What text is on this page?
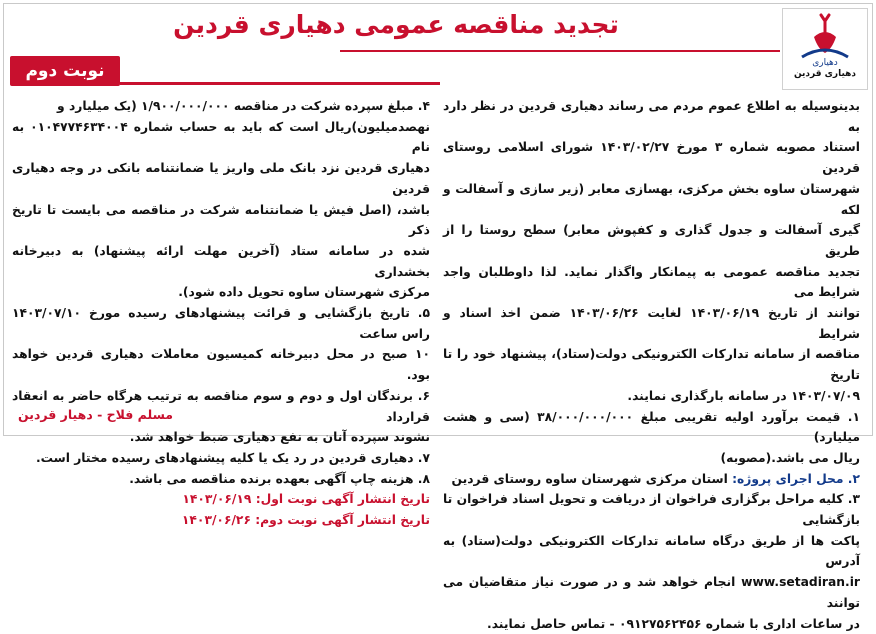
دهیاری
دهیاری قردین
تجدید مناقصه عمومی دهیاری قردین
نوبت دوم

بدینوسیله به اطلاع عموم مردم می رساند دهیاری قردین در نظر دارد به

استناد مصوبه شماره ۳ مورخ ۱۴۰۳/۰۲/۲۷ شورای اسلامی روستای قردین

شهرستان ساوه بخش مرکزی، بهسازی معابر (زیر سازی و آسفالت و لکه

گیری آسفالت و جدول گذاری و کفپوش معابر) سطح روستا را از طریق

تجدید مناقصه عمومی به پیمانکار واگذار نماید. لذا داوطلبان واجد شرایط می

توانند از تاریخ ۱۴۰۳/۰۶/۱۹ لغایت ۱۴۰۳/۰۶/۲۶ ضمن اخذ اسناد و شرایط

مناقصه از سامانه تدارکات الکترونیکی دولت(ستاد)، پیشنهاد خود را تا تاریخ

۱۴۰۳/۰۷/۰۹ در سامانه بارگذاری نمایند.

۱. قیمت برآورد اولیه تقریبی مبلغ ۳۸/۰۰۰/۰۰۰/۰۰۰ (سی و هشت میلیارد)

ریال می باشد.(مصوبه)

۲. محل اجرای پروژه: استان مرکزی شهرستان ساوه روستای قردین

۳. کلیه مراحل برگزاری فراخوان از دریافت و تحویل اسناد فراخوان تا بازگشایی

پاکت ها از طریق درگاه سامانه تدارکات الکترونیکی دولت(ستاد) به آدرس

www.setadiran.ir انجام خواهد شد و در صورت نیاز متقاضیان می توانند

در ساعات اداری با شماره ۰۹۱۲۷۵۶۲۴۵۶ - تماس حاصل نمایند.

۴. مبلغ سپرده شرکت در مناقصه ۱/۹۰۰/۰۰۰/۰۰۰ (یک میلیارد و

نهصدمیلیون)ریال است که باید به حساب شماره ۰۱۰۴۷۷۴۶۳۴۰۰۴ به نام

دهیاری قردین نزد بانک ملی واریز یا ضمانتنامه بانکی در وجه دهیاری قردین

باشد، (اصل فیش یا ضمانتنامه شرکت در مناقصه می بایست تا تاریخ ذکر

شده در سامانه ستاد (آخرین مهلت ارائه پیشنهاد) به دبیرخانه بخشداری

مرکزی شهرستان ساوه تحویل داده شود).

۵. تاریخ بازگشایی و قرائت پیشنهادهای رسیده مورخ ۱۴۰۳/۰۷/۱۰ راس ساعت

۱۰ صبح در محل دبیرخانه کمیسیون معاملات دهیاری قردین خواهد بود.

۶. برندگان اول و دوم و سوم مناقصه به ترتیب هرگاه حاضر به انعقاد قرارداد

نشوند سپرده آنان به نفع دهیاری ضبط خواهد شد.

۷. دهیاری قردین در رد یک یا کلیه پیشنهادهای رسیده مختار است.

۸. هزینه چاپ آگهی بعهده برنده مناقصه می باشد.

تاریخ انتشار آگهی نوبت اول: ۱۴۰۳/۰۶/۱۹

تاریخ انتشار آگهی نوبت دوم: ۱۴۰۳/۰۶/۲۶

مسلم فلاح - دهیار قردین
